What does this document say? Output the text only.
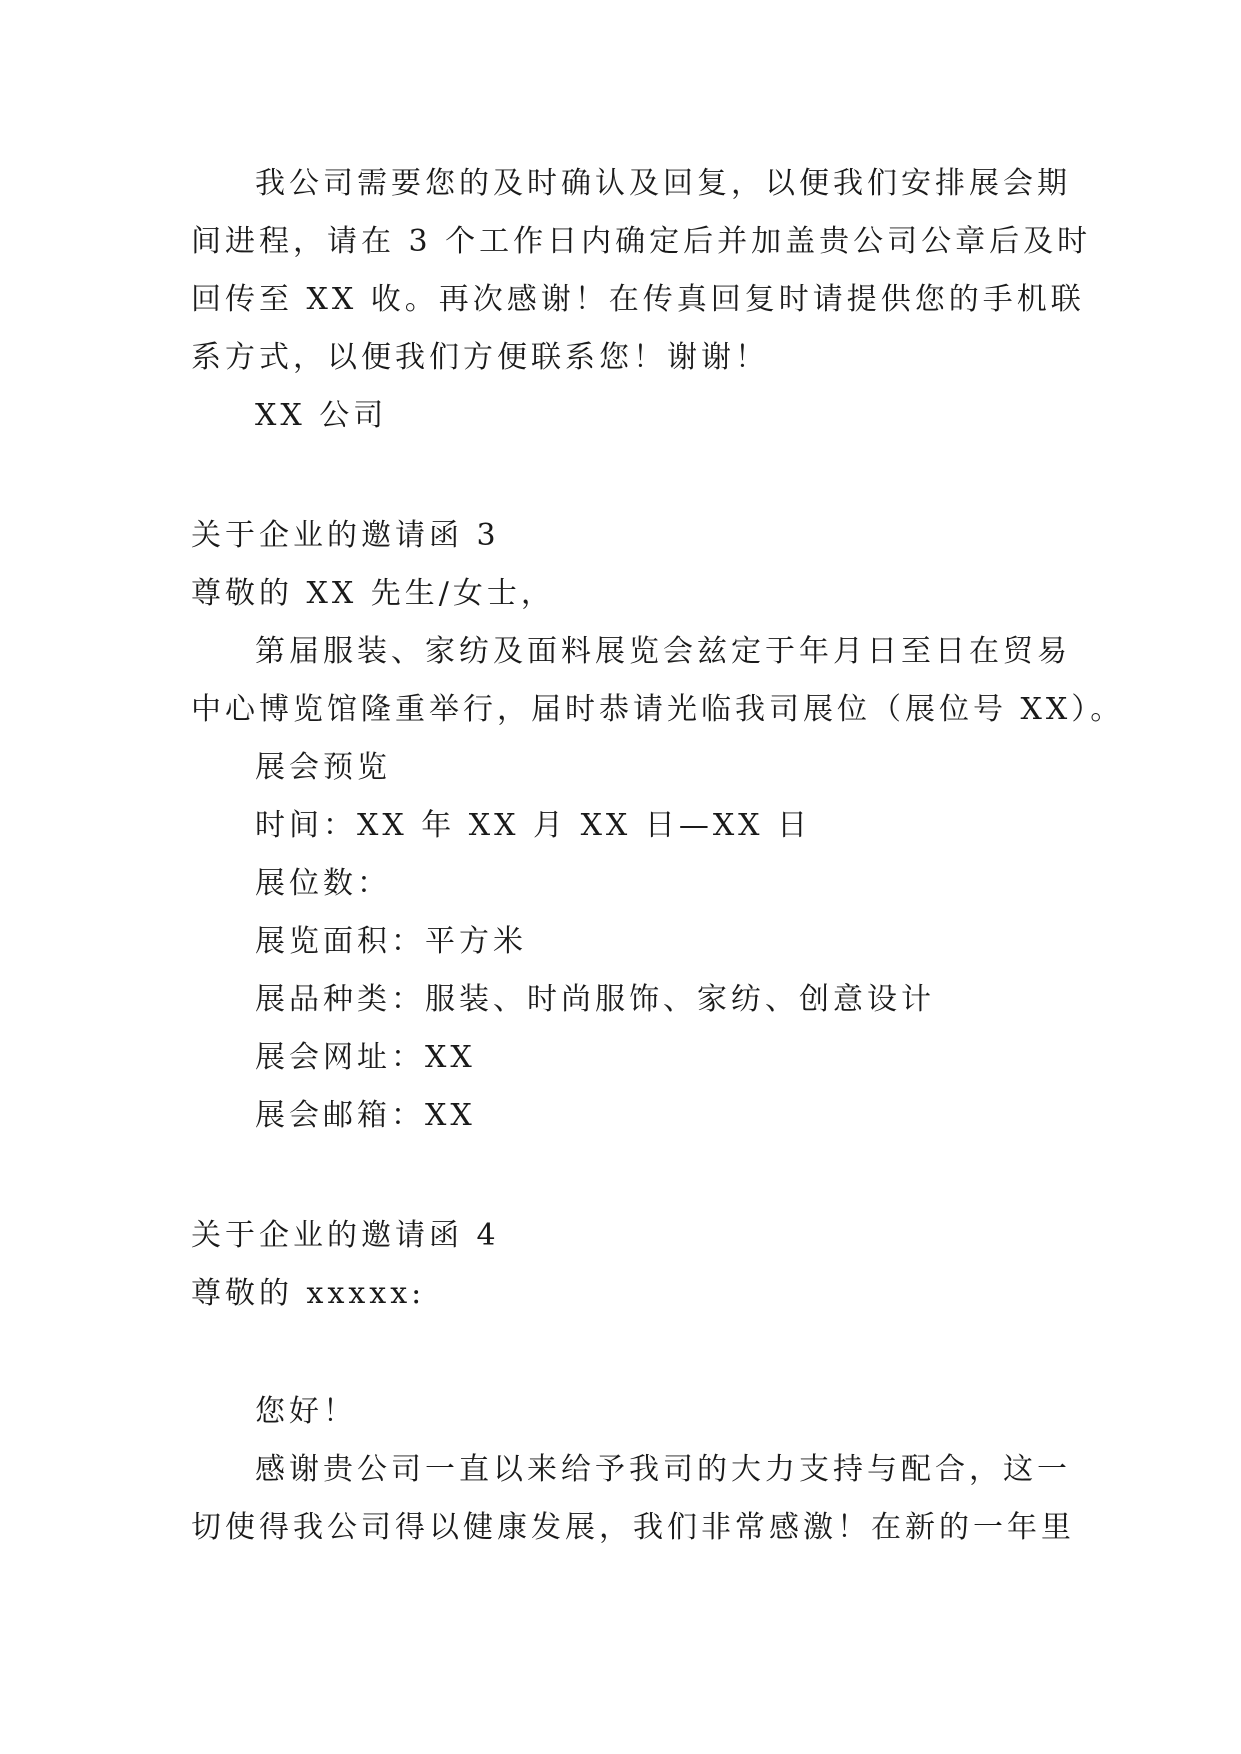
我公司需要您的及时确认及回复，以便我们安排展会期
间进程，请在 3 个工作日内确定后并加盖贵公司公章后及时
回传至 XX 收。再次感谢！在传真回复时请提供您的手机联
系方式，以便我们方便联系您！谢谢！
XX 公司
关于企业的邀请函 3
尊敬的 XX 先生/女士，
第届服装、家纺及面料展览会兹定于年月日至日在贸易
中心博览馆隆重举行，届时恭请光临我司展位（展位号 XX）。
展会预览
时间：XX 年 XX 月 XX 日—XX 日
展位数：
展览面积：平方米
展品种类：服装、时尚服饰、家纺、创意设计
展会网址：XX
展会邮箱：XX
关于企业的邀请函 4
尊敬的 xxxxx:
您好！
感谢贵公司一直以来给予我司的大力支持与配合，这一
切使得我公司得以健康发展，我们非常感激！在新的一年里
